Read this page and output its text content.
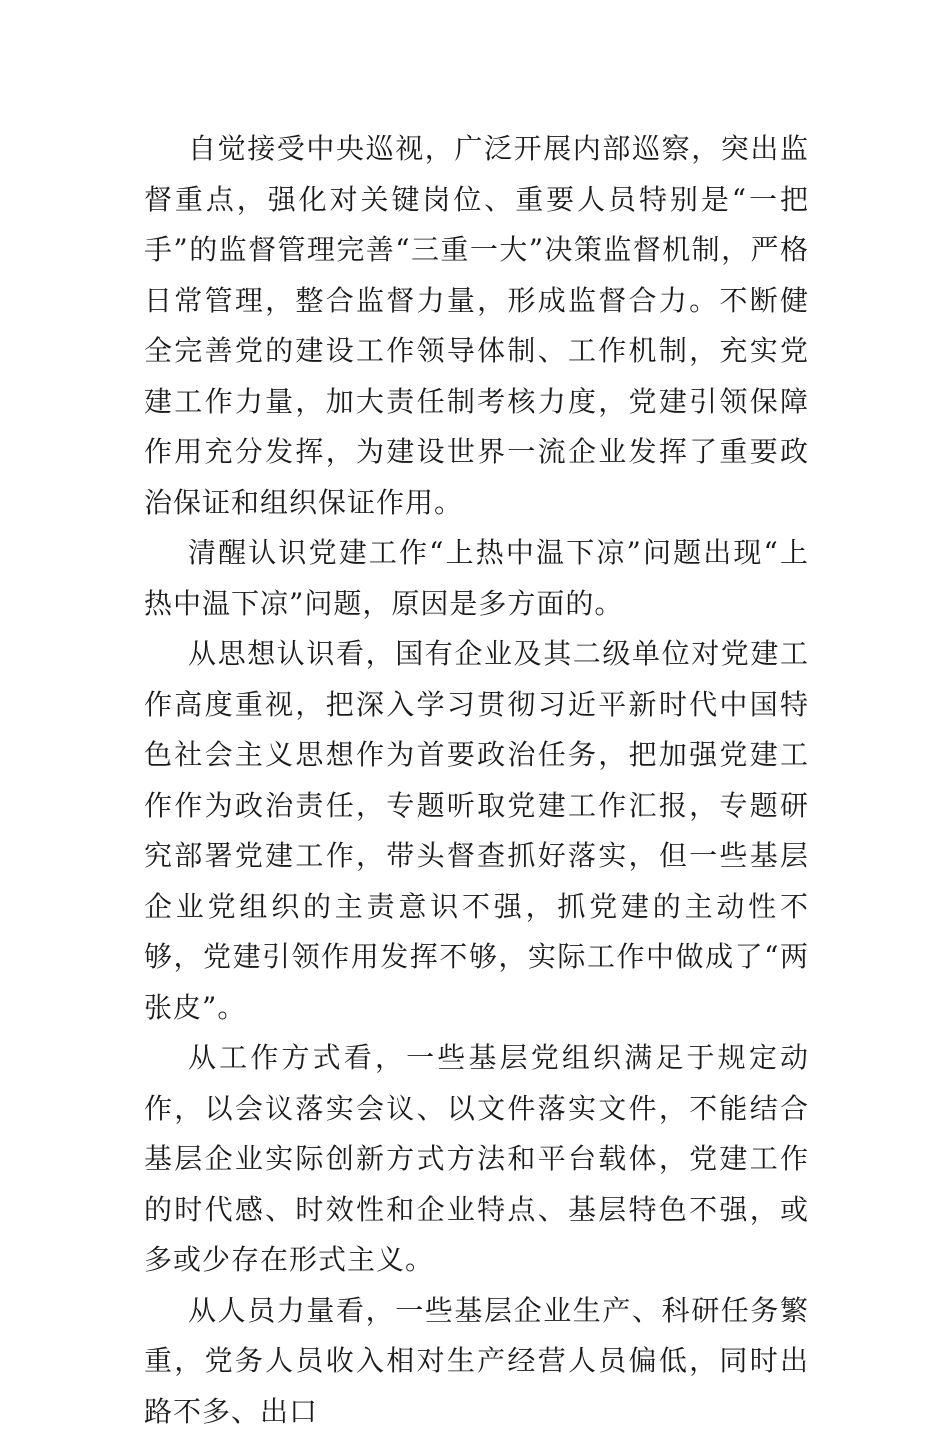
自觉接受中央巡视，广泛开展内部巡察，突出监督重点，强化对关键岗位、重要人员特别是“一把手”的监督管理完善“三重一大”决策监督机制，严格日常管理，整合监督力量，形成监督合力。不断健全完善党的建设工作领导体制、工作机制，充实党建工作力量，加大责任制考核力度，党建引领保障作用充分发挥，为建设世界一流企业发挥了重要政治保证和组织保证作用。

清醒认识党建工作“上热中温下凉”问题出现“上热中温下凉”问题，原因是多方面的。

从思想认识看，国有企业及其二级单位对党建工作高度重视，把深入学习贯彻习近平新时代中国特色社会主义思想作为首要政治任务，把加强党建工作作为政治责任，专题听取党建工作汇报，专题研究部署党建工作，带头督查抓好落实，但一些基层企业党组织的主责意识不强，抓党建的主动性不够，党建引领作用发挥不够，实际工作中做成了“两张皮”。

从工作方式看，一些基层党组织满足于规定动作，以会议落实会议、以文件落实文件，不能结合基层企业实际创新方式方法和平台载体，党建工作的时代感、时效性和企业特点、基层特色不强，或多或少存在形式主义。

从人员力量看，一些基层企业生产、科研任务繁重，党务人员收入相对生产经营人员偏低，同时出路不多、出口
